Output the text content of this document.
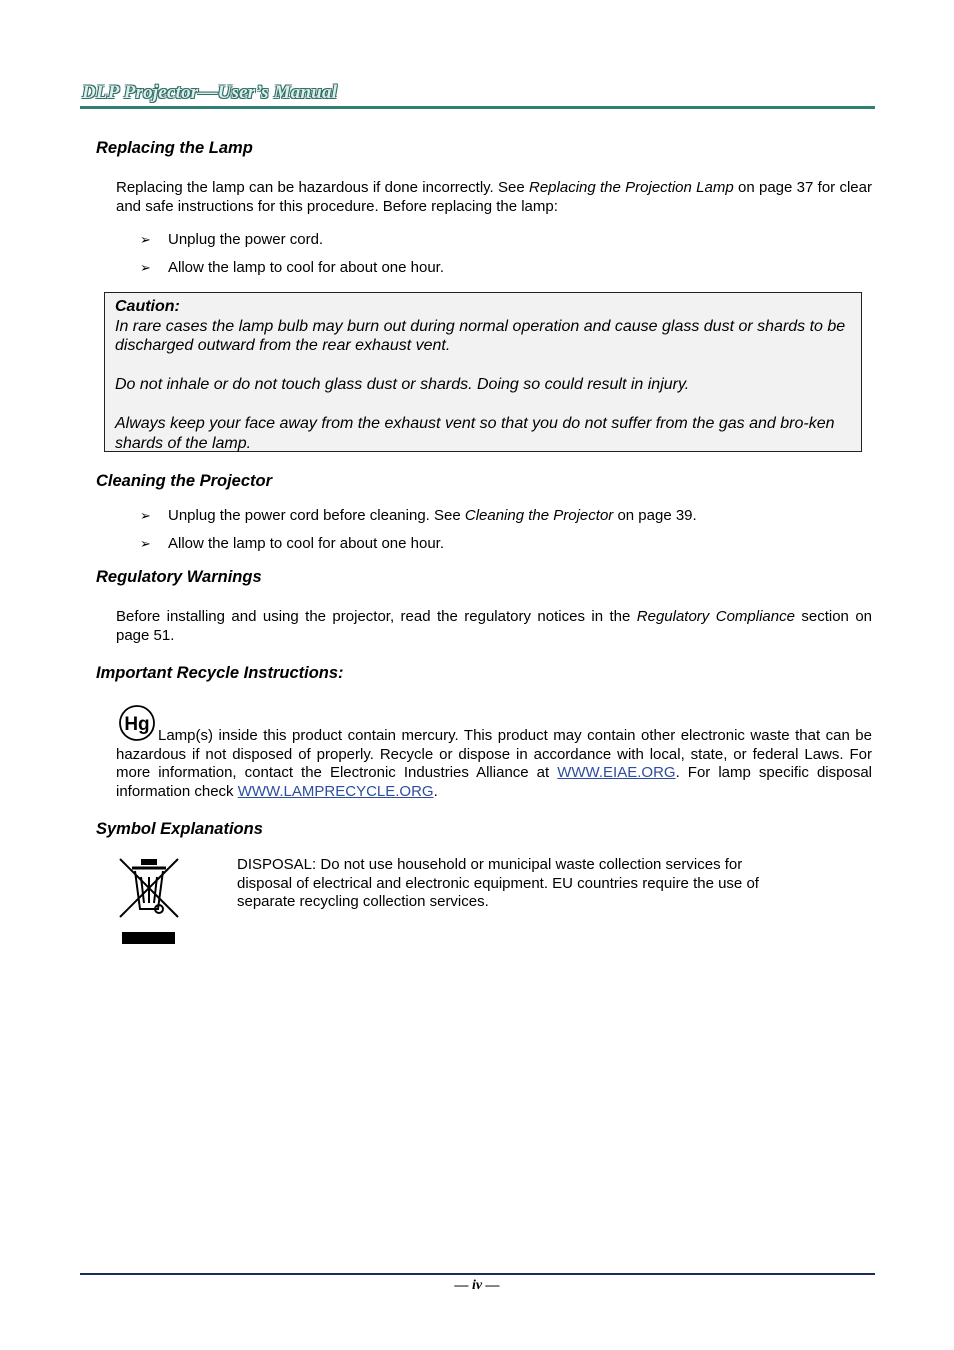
DLP Projector—User’s Manual
Replacing the Lamp
Replacing the lamp can be hazardous if done incorrectly. See Replacing the Projection Lamp on page 37 for clear and safe instructions for this procedure. Before replacing the lamp:
➢ Unplug the power cord.
➢ Allow the lamp to cool for about one hour.
Caution:

In rare cases the lamp bulb may burn out during normal operation and cause glass dust or shards to be discharged outward from the rear exhaust vent.

Do not inhale or do not touch glass dust or shards. Doing so could result in injury.

Always keep your face away from the exhaust vent so that you do not suffer from the gas and bro-ken shards of the lamp.

Cleaning the Projector
➢ Unplug the power cord before cleaning. See Cleaning the Projector on page 39.
➢ Allow the lamp to cool for about one hour.
Regulatory Warnings
Before installing and using the projector, read the regulatory notices in the Regulatory Compliance section on page 51.
Important Recycle Instructions:
Hg
Lamp(s) inside this product contain mercury. This product may contain other electronic waste that can be hazardous if not disposed of properly. Recycle or dispose in accordance with local, state, or federal Laws. For more information, contact the Electronic Industries Alliance at WWW.EIAE.ORG. For lamp specific disposal information check WWW.LAMPRECYCLE.ORG.
Symbol Explanations
DISPOSAL: Do not use household or municipal waste collection services for disposal of electrical and electronic equipment. EU countries require the use of separate recycling collection services.
— iv —
